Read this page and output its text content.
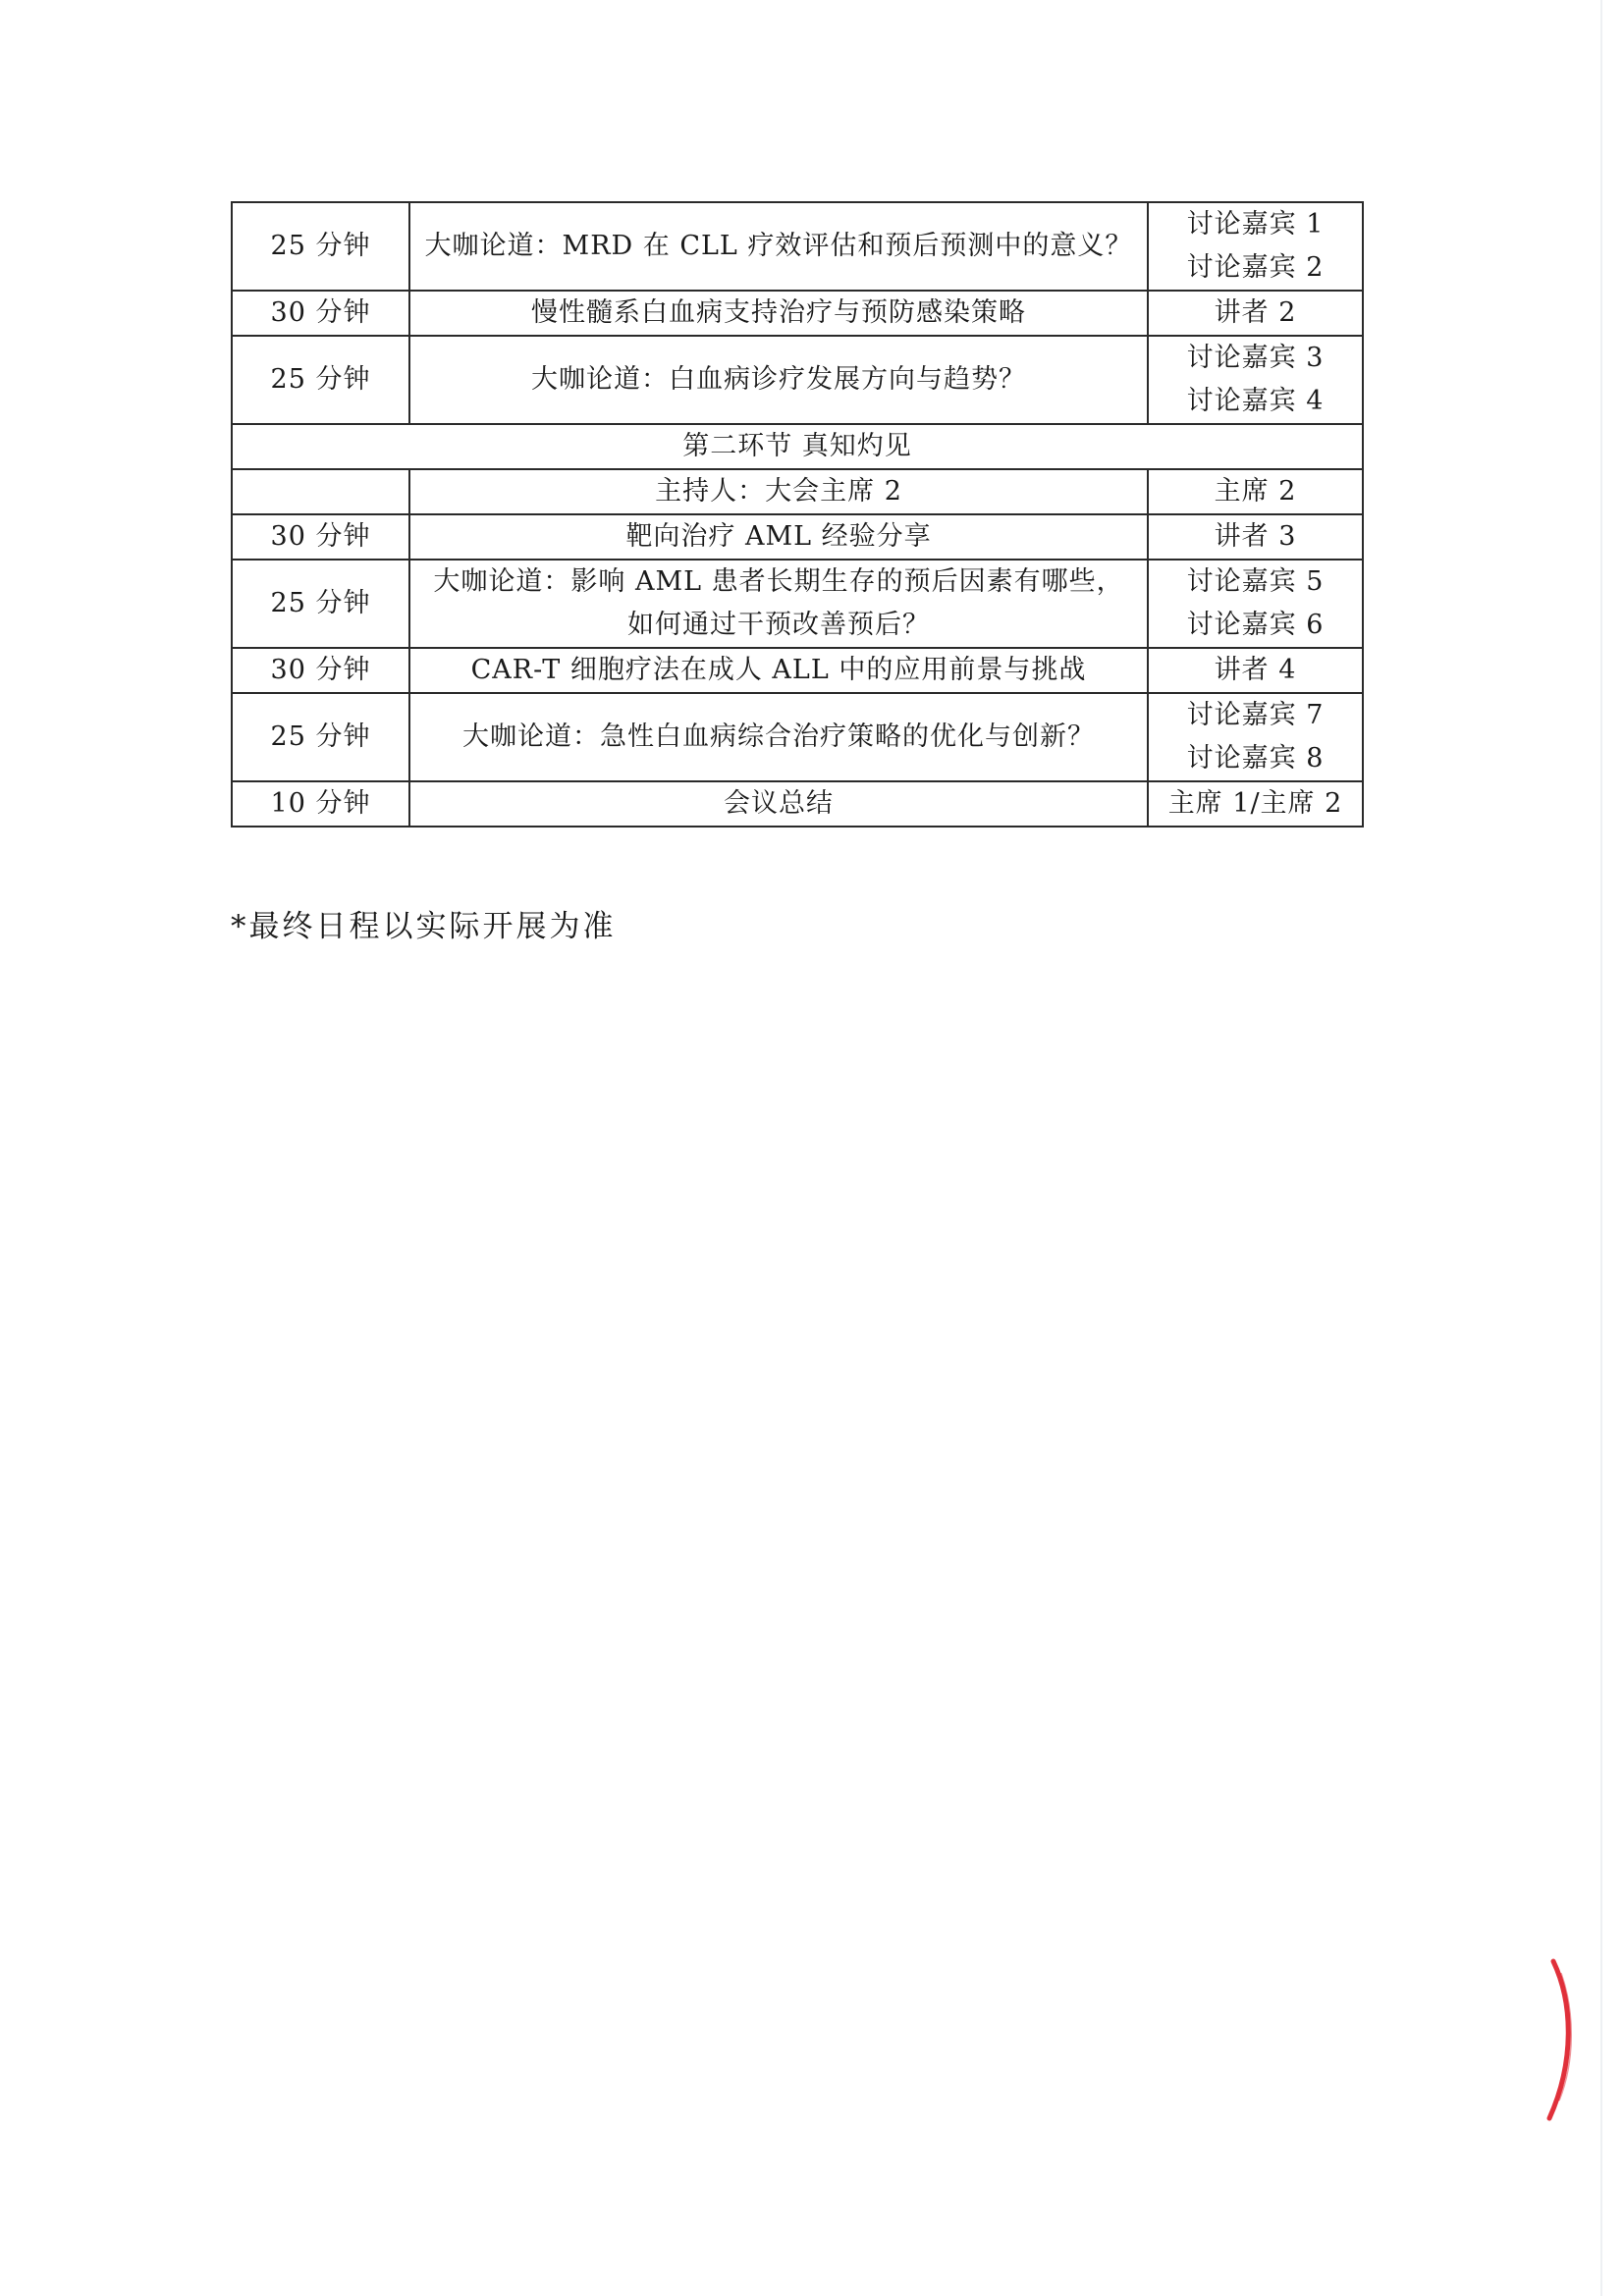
25 分钟	大咖论道：MRD 在 CLL 疗效评估和预后预测中的意义？	讨论嘉宾 1
讨论嘉宾 2

30 分钟	慢性髓系白血病支持治疗与预防感染策略	讲者 2
25 分钟	大咖论道：白血病诊疗发展方向与趋势？	讨论嘉宾 3
讨论嘉宾 4

第二环节 真知灼见		
	主持人：大会主席 2	主席 2
30 分钟	靶向治疗 AML 经验分享	讲者 3
25 分钟	大咖论道：影响 AML 患者长期生存的预后因素有哪些，
如何通过干预改善预后？	讨论嘉宾 5
讨论嘉宾 6

30 分钟	CAR-T 细胞疗法在成人 ALL 中的应用前景与挑战	讲者 4
25 分钟	大咖论道：急性白血病综合治疗策略的优化与创新？	讨论嘉宾 7
讨论嘉宾 8

10 分钟	会议总结	主席 1/主席 2
*最终日程以实际开展为准
